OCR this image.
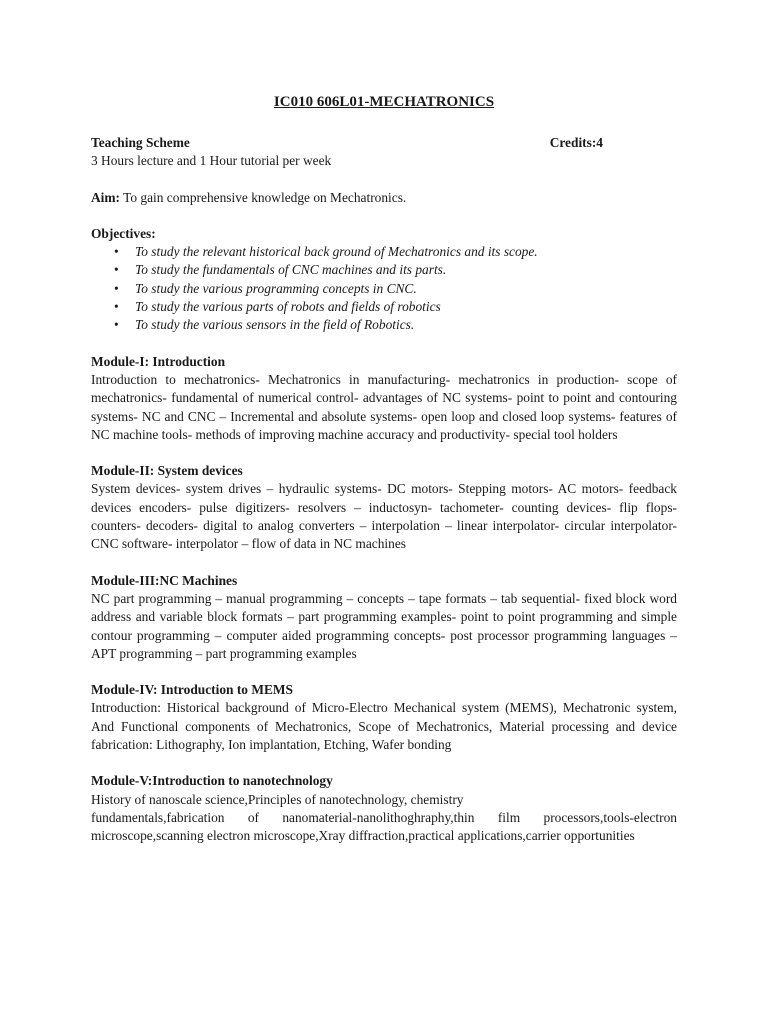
IC010 606L01-MECHATRONICS
Teaching Scheme	Credits:4

3 Hours lecture and 1 Hour tutorial per week

Aim: To gain comprehensive knowledge on Mechatronics.

Objectives:

• To study the relevant historical back ground of Mechatronics and its scope.
• To study the fundamentals of CNC machines and its parts.
• To study the various programming concepts in CNC.
• To study the various parts of robots and fields of robotics
• To study the various sensors in the field of Robotics.

Module-I: Introduction

Introduction to mechatronics- Mechatronics in manufacturing- mechatronics in production- scope of mechatronics- fundamental of numerical control- advantages of NC systems- point to point and contouring systems- NC and CNC – Incremental and absolute systems- open loop and closed loop systems- features of NC machine tools- methods of improving machine accuracy and productivity- special tool holders

Module-II: System devices

System devices- system drives – hydraulic systems- DC motors- Stepping motors- AC motors- feedback devices encoders- pulse digitizers- resolvers – inductosyn- tachometer- counting devices- flip flops- counters- decoders- digital to analog converters – interpolation – linear interpolator- circular interpolator- CNC software- interpolator – flow of data in NC machines

Module-III:NC Machines

NC part programming – manual programming – concepts – tape formats – tab sequential- fixed block word address and variable block formats – part programming examples- point to point programming and simple contour programming – computer aided programming concepts- post processor programming languages – APT programming – part programming examples

Module-IV: Introduction to MEMS

Introduction: Historical background of Micro-Electro Mechanical system (MEMS), Mechatronic system, And Functional components of Mechatronics, Scope of Mechatronics, Material processing and device fabrication: Lithography, Ion implantation, Etching, Wafer bonding

Module-V:Introduction to nanotechnology

History of nanoscale science,Principles of nanotechnology, chemistry

fundamentals,fabrication of nanomaterial-nanolithoghraphy,thin film processors,tools-electron microscope,scanning electron microscope,Xray diffraction,practical applications,carrier opportunities
